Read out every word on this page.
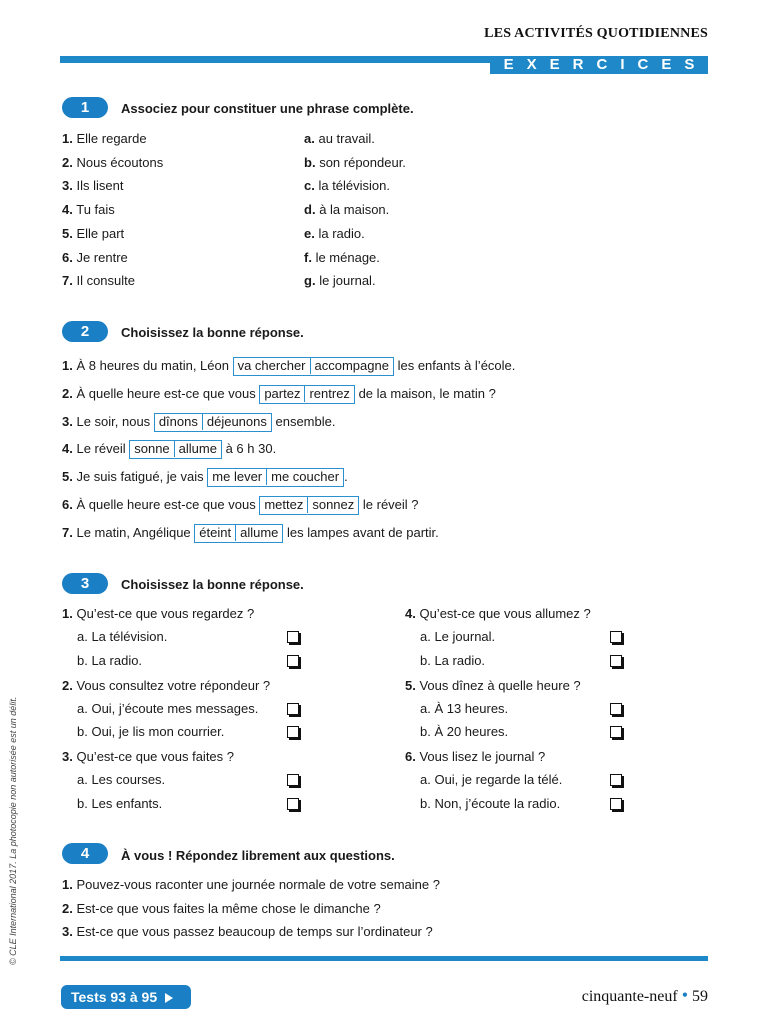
LES ACTIVITÉS QUOTIDIENNES
EXERCICES
1	Associez pour constituer une phrase complète.
1. Elle regarde
2. Nous écoutons
3. Ils lisent
4. Tu fais
5. Elle part
6. Je rentre
7. Il consulte
a. au travail.
b. son répondeur.
c. la télévision.
d. à la maison.
e. la radio.
f. le ménage.
g. le journal.
2	Choisissez la bonne réponse.
1. À 8 heures du matin, Léon va chercher accompagne les enfants à l’école.
2. À quelle heure est-ce que vous partez rentrez de la maison, le matin ?
3. Le soir, nous dînons déjeunons ensemble.
4. Le réveil sonne allume à 6 h 30.
5. Je suis fatigué, je vais me lever me coucher .
6. À quelle heure est-ce que vous mettez sonnez le réveil ?
7. Le matin, Angélique éteint allume les lampes avant de partir.
3	Choisissez la bonne réponse.
1. Qu’est-ce que vous regardez ?
a. La télévision.
b. La radio.
2. Vous consultez votre répondeur ?
a. Oui, j’écoute mes messages.
b. Oui, je lis mon courrier.
3. Qu’est-ce que vous faites ?
a. Les courses.
b. Les enfants.
4. Qu’est-ce que vous allumez ?
a. Le journal.
b. La radio.
5. Vous dînez à quelle heure ?
a. À 13 heures.
b. À 20 heures.
6. Vous lisez le journal ?
a. Oui, je regarde la télé.
b. Non, j’écoute la radio.
4	À vous ! Répondez librement aux questions.
1. Pouvez-vous raconter une journée normale de votre semaine ?
2. Est-ce que vous faites la même chose le dimanche ?
3. Est-ce que vous passez beaucoup de temps sur l’ordinateur ?
© CLE International 2017. La photocopie non autorisée est un délit.
Tests 93 à 95	cinquante-neuf • 59
